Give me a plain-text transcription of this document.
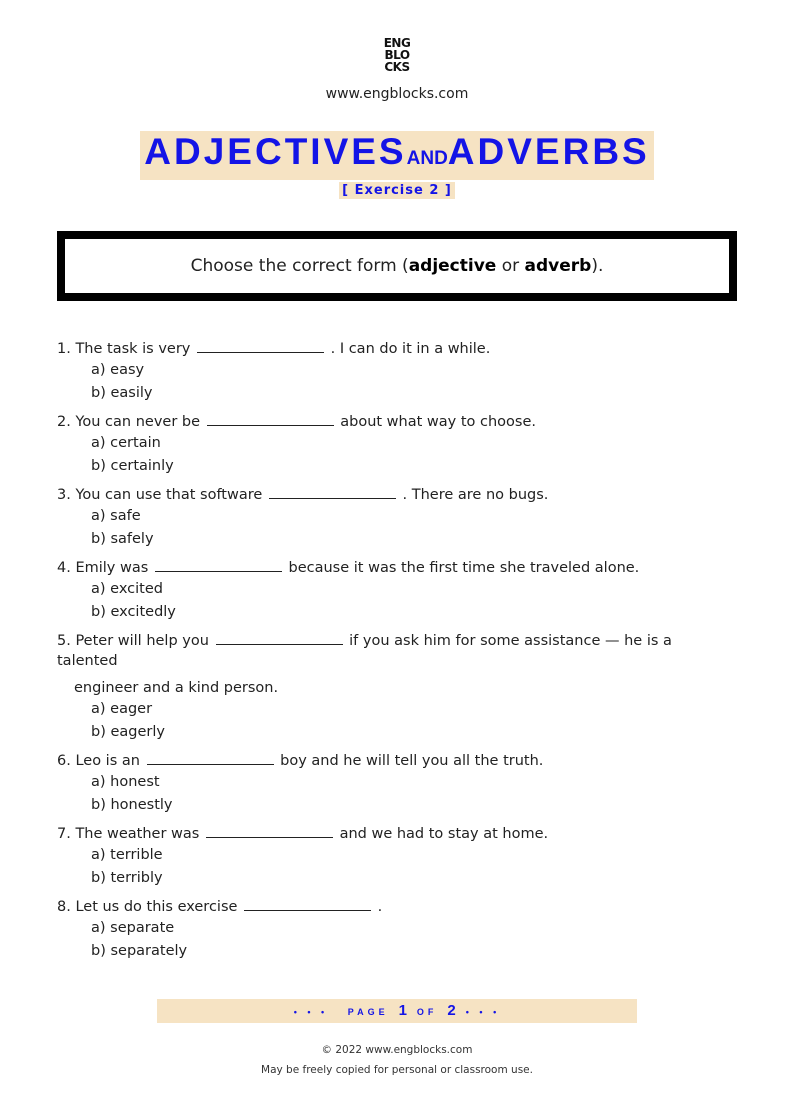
ENG
BLO
CKS
www.engblocks.com
ADJECTIVESANDADVERBS
[ Exercise 2 ]
Choose the correct form (adjective or adverb).
1. The task is very	. I can do it in a while.
a) easy
b) easily
2. You can never be	about what way to choose.
a) certain
b) certainly
3. You can use that software	. There are no bugs.
a) safe
b) safely
4. Emily was	because it was the first time she traveled alone.
a) excited
b) excitedly
5. Peter will help you	if you ask him for some assistance — he is a talented
engineer and a kind person.
a) eager
b) eagerly
6. Leo is an	boy and he will tell you all the truth.
a) honest
b) honestly
7. The weather was	and we had to stay at home.
a) terrible
b) terribly
8. Let us do this exercise	.
a) separate
b) separately
• • • PAGE 1 OF 2 • • •
© 2022 www.engblocks.com
May be freely copied for personal or classroom use.
